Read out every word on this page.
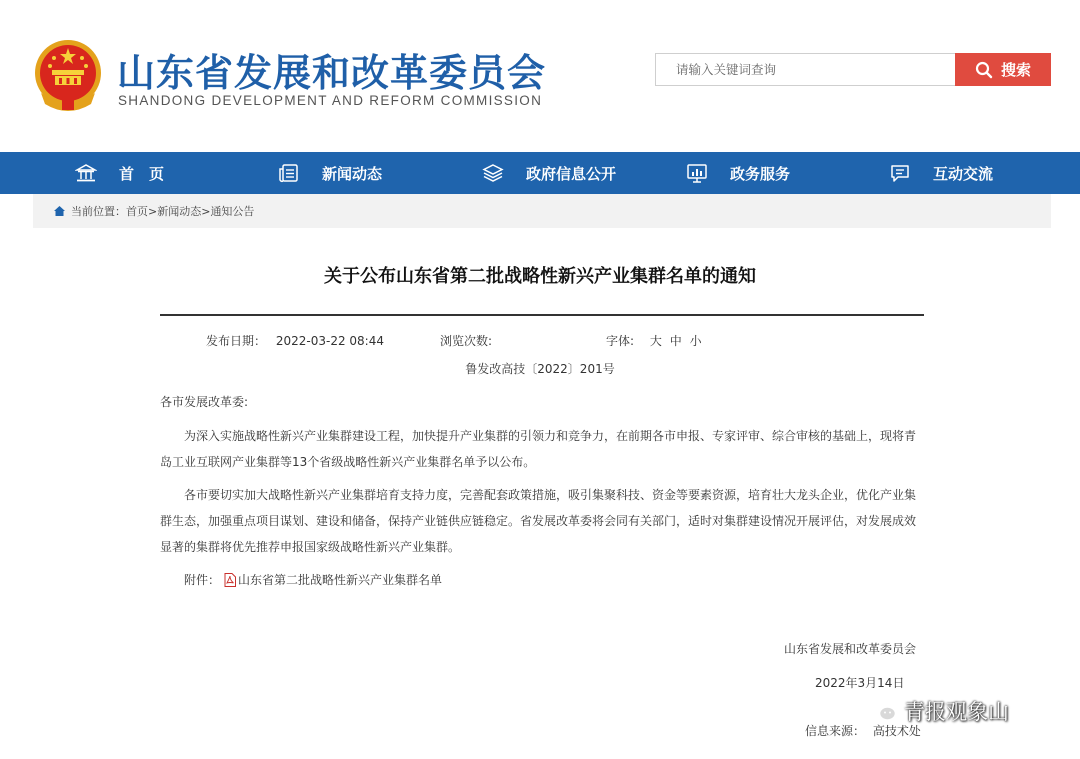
山东省发展和改革委员会
SHANDONG DEVELOPMENT AND REFORM COMMISSION
请输入关键词查询
搜索
首　页	新闻动态	政府信息公开	政务服务	互动交流
当前位置： 首页 > 新闻动态 > 通知公告
关于公布山东省第二批战略性新兴产业集群名单的通知
发布日期： 2022-03-22 08:44	浏览次数:	字体: 大 中 小
鲁发改高技〔2022〕201号

各市发展改革委:

为深入实施战略性新兴产业集群建设工程，加快提升产业集群的引领力和竞争力，在前期各市申报、专家评审、综合审核的基础上，现将青岛工业互联网产业集群等13个省级战略性新兴产业集群名单予以公布。

各市要切实加大战略性新兴产业集群培育支持力度，完善配套政策措施，吸引集聚科技、资金等要素资源，培育壮大龙头企业，优化产业集群生态，加强重点项目谋划、建设和储备，保持产业链供应链稳定。省发展改革委将会同有关部门，适时对集群建设情况开展评估，对发展成效显著的集群将优先推荐申报国家级战略性新兴产业集群。

附件： 山东省第二批战略性新兴产业集群名单
山东省发展和改革委员会
2022年3月14日
信息来源： 高技术处
青报观象山
